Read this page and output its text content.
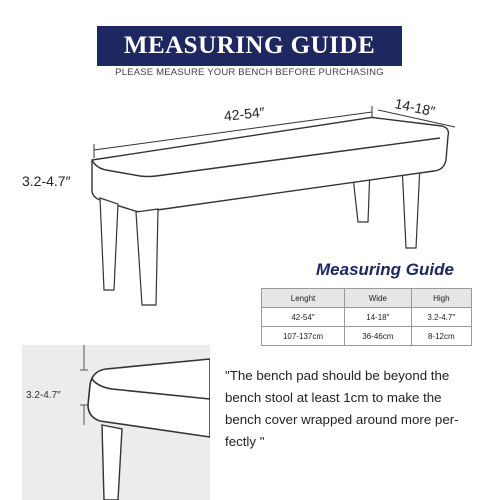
MEASURING GUIDE
PLEASE MEASURE YOUR BENCH BEFORE PURCHASING
42-54″	14-18″
3.2-4.7″
Measuring Guide
Lenght	Wide	High
42-54″	14-18″	3.2-4.7″
107-137cm	36-46cm	8-12cm
3.2-4.7″
"The bench pad should be beyond the
bench stool at least 1cm to make the
bench cover wrapped around more per-
fectly "
